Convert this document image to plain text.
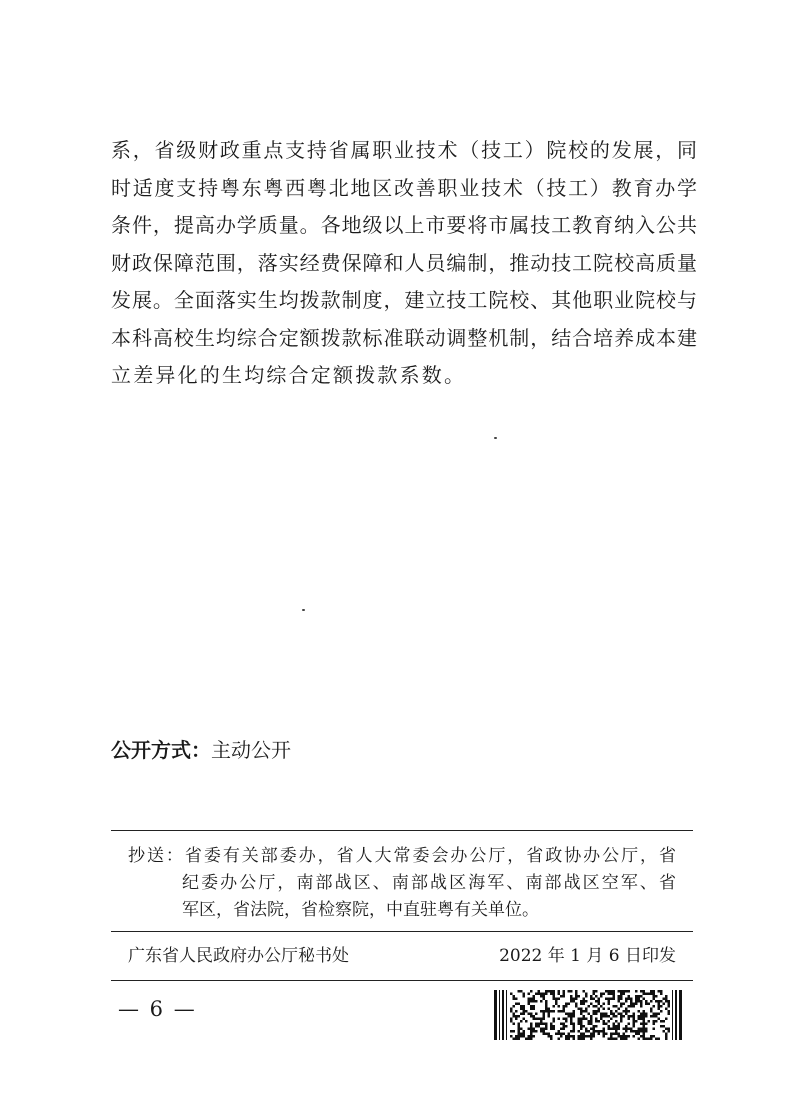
系，省级财政重点支持省属职业技术（技工）院校的发展，同
时适度支持粤东粤西粤北地区改善职业技术（技工）教育办学
条件，提高办学质量。各地级以上市要将市属技工教育纳入公共
财政保障范围，落实经费保障和人员编制，推动技工院校高质量
发展。全面落实生均拨款制度，建立技工院校、其他职业院校与
本科高校生均综合定额拨款标准联动调整机制，结合培养成本建
立差异化的生均综合定额拨款系数。
公开方式：主动公开
抄送：省委有关部委办，省人大常委会办公厅，省政协办公厅，省
纪委办公厅，南部战区、南部战区海军、南部战区空军、省
军区，省法院，省检察院，中直驻粤有关单位。
广东省人民政府办公厅秘书处	2022 年 1 月 6 日印发
— 6 —
